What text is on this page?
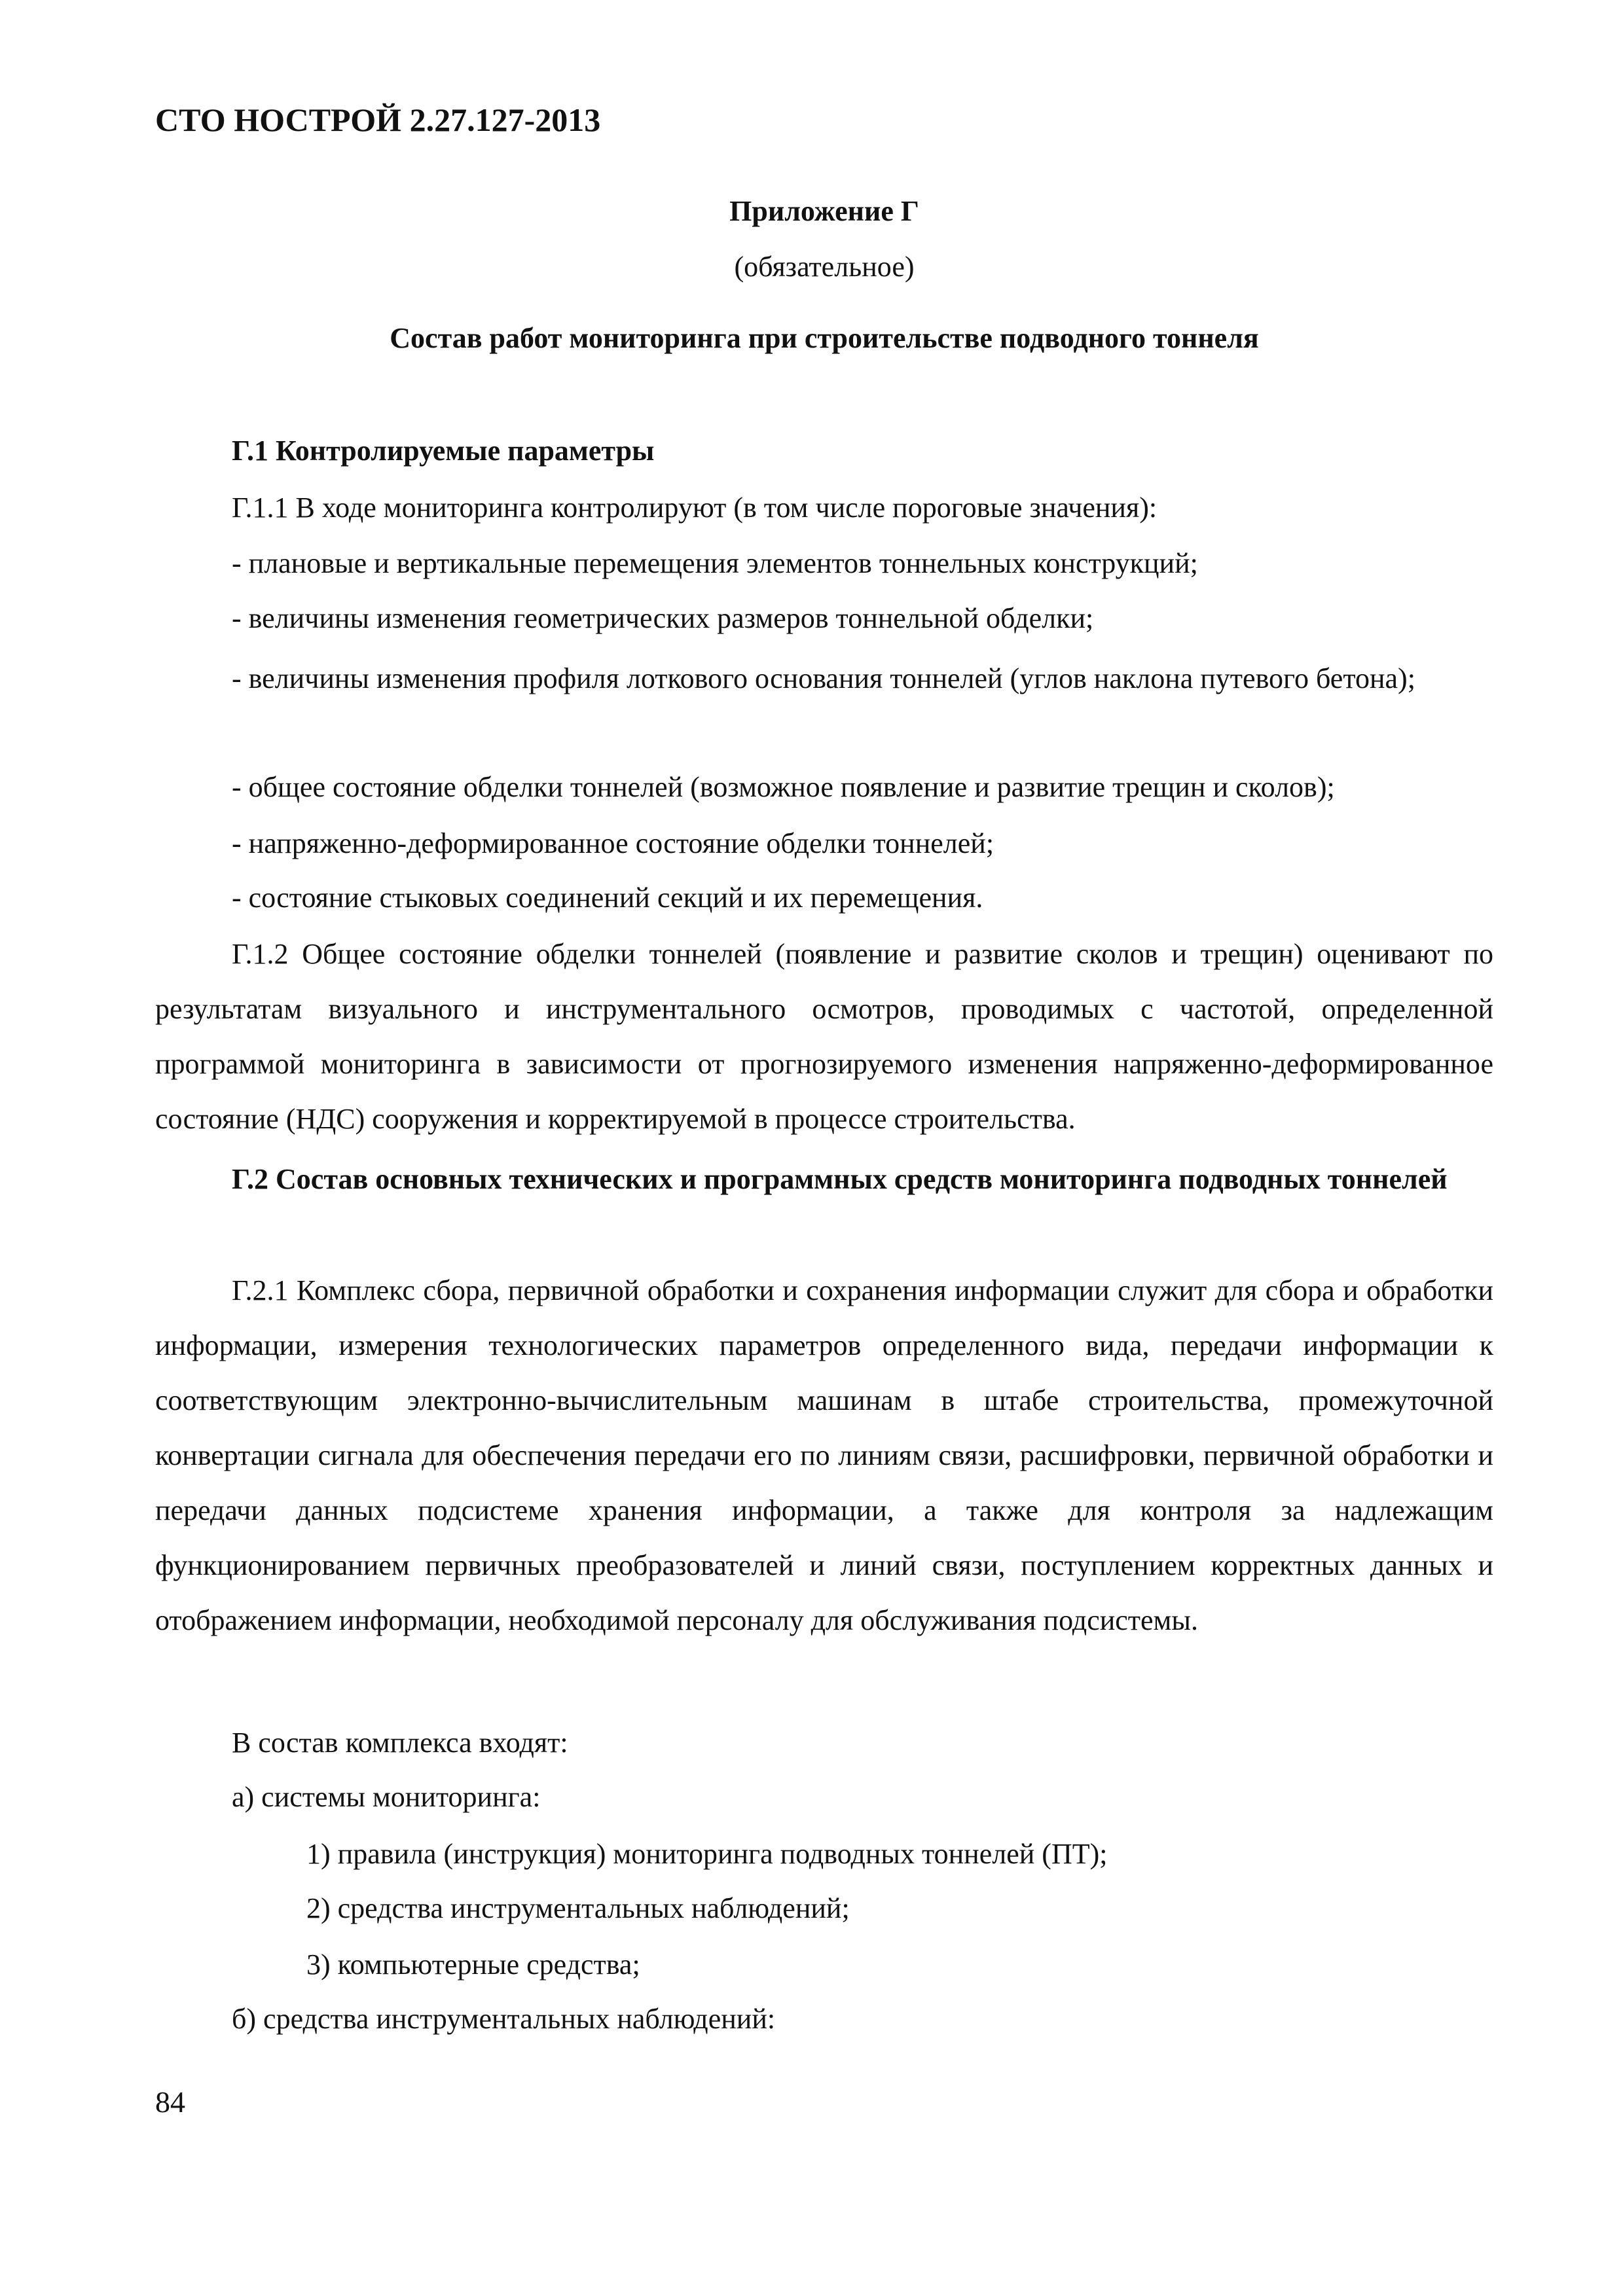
СТО НОСТРОЙ 2.27.127-2013
Приложение Г
(обязательное)
Состав работ мониторинга при строительстве подводного тоннеля
Г.1 Контролируемые параметры
Г.1.1 В ходе мониторинга контролируют (в том числе пороговые значения):
- плановые и вертикальные перемещения элементов тоннельных конструкций;
- величины изменения геометрических размеров тоннельной обделки;
- величины изменения профиля лоткового основания тоннелей (углов наклона путевого бетона);
- общее состояние обделки тоннелей (возможное появление и развитие трещин и сколов);
- напряженно-деформированное состояние обделки тоннелей;
- состояние стыковых соединений секций и их перемещения.
Г.1.2 Общее состояние обделки тоннелей (появление и развитие сколов и трещин) оценивают по результатам визуального и инструментального осмотров, проводимых с частотой, определенной программой мониторинга в зависимости от прогнозируемого изменения напряженно-деформированное состояние (НДС) сооружения и корректируемой в процессе строительства.
Г.2 Состав основных технических и программных средств мониторинга подводных тоннелей
Г.2.1 Комплекс сбора, первичной обработки и сохранения информации служит для сбора и обработки информации, измерения технологических параметров определенного вида, передачи информации к соответствующим электронно-вычислительным машинам в штабе строительства, промежуточной конвертации сигнала для обеспечения передачи его по линиям связи, расшифровки, первичной обработки и передачи данных подсистеме хранения информации, а также для контроля за надлежащим функционированием первичных преобразователей и линий связи, поступлением корректных данных и отображением информации, необходимой персоналу для обслуживания подсистемы.
В состав комплекса входят:
а) системы мониторинга:
1) правила (инструкция) мониторинга подводных тоннелей (ПТ);
2) средства инструментальных наблюдений;
3) компьютерные средства;
б) средства инструментальных наблюдений:
84
